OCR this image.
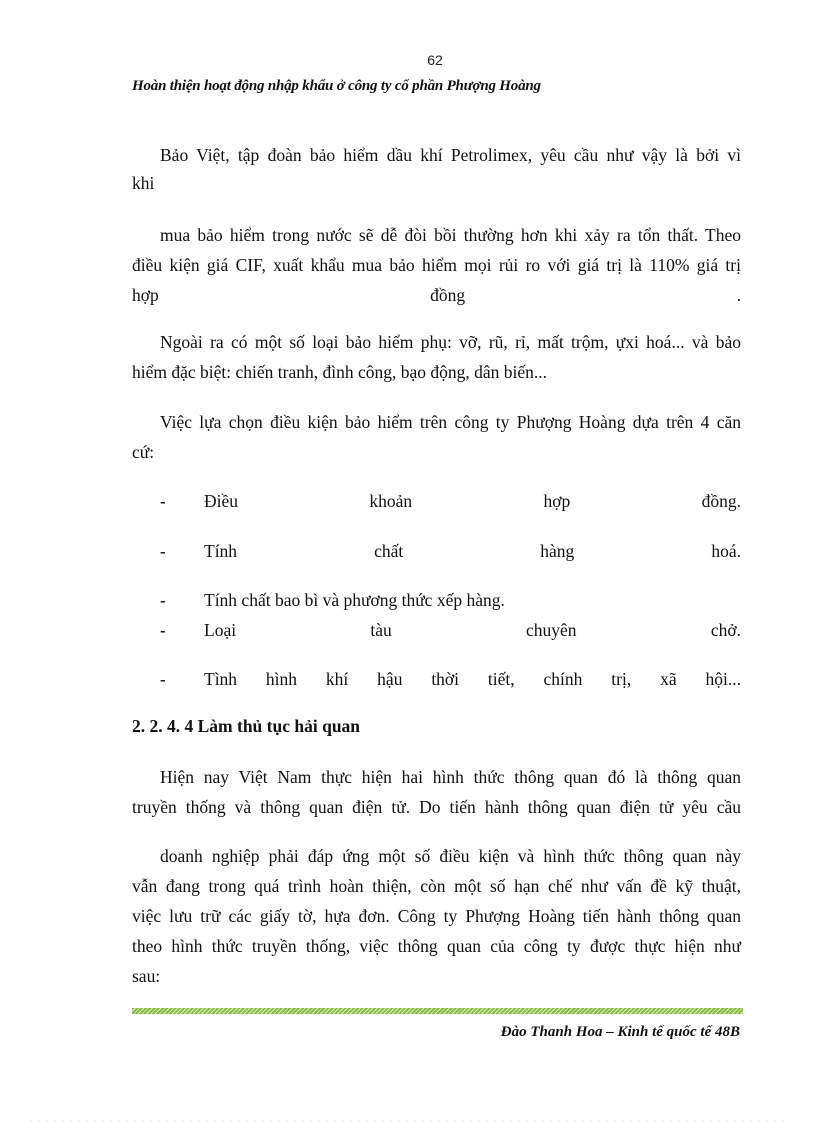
62
Hoàn thiện hoạt động nhập khẩu ở công ty cổ phần Phượng Hoàng
Bảo Việt, tập đoàn bảo hiểm dầu khí Petrolimex, yêu cầu như vậy là bởi vì
khi
mua bảo hiểm trong nước sẽ dễ đòi bồi thường hơn khi xảy ra tổn thất. Theo
điều kiện giá CIF, xuất khẩu mua bảo hiểm mọi rủi ro với giá trị là 110% giá trị
hợp đồng .
Ngoài ra có một số loại bảo hiểm phụ: vỡ, rũ, rỉ, mất trộm, ựxi hoá... và bảo
hiểm đặc biệt: chiến tranh, đình công, bạo động, dân biến...
Việc lựa chọn điều kiện bảo hiểm trên công ty Phượng Hoàng dựa trên 4 căn
cứ:
- Điều khoản hợp đồng.
- Tính chất hàng hoá.
- Tính chất bao bì và phương thức xếp hàng.
- Loại tàu chuyên chở.
- Tình hình khí hậu thời tiết, chính trị, xã hội...
2. 2. 4. 4 Làm thủ tục hải quan
Hiện nay Việt Nam thực hiện hai hình thức thông quan đó là thông quan
truyền thống và thông quan điện tử. Do tiến hành thông quan điện tử yêu cầu
doanh nghiệp phải đáp ứng một số điều kiện và hình thức thông quan này
vẫn đang trong quá trình hoàn thiện, còn một số hạn chế như vấn đề kỹ thuật,
việc lưu trữ các giấy tờ, hựa đơn. Công ty Phượng Hoàng tiến hành thông quan
theo hình thức truyền thống, việc thông quan của công ty được thực hiện như
sau:
Đào Thanh Hoa – Kinh tế quốc tế 48B
